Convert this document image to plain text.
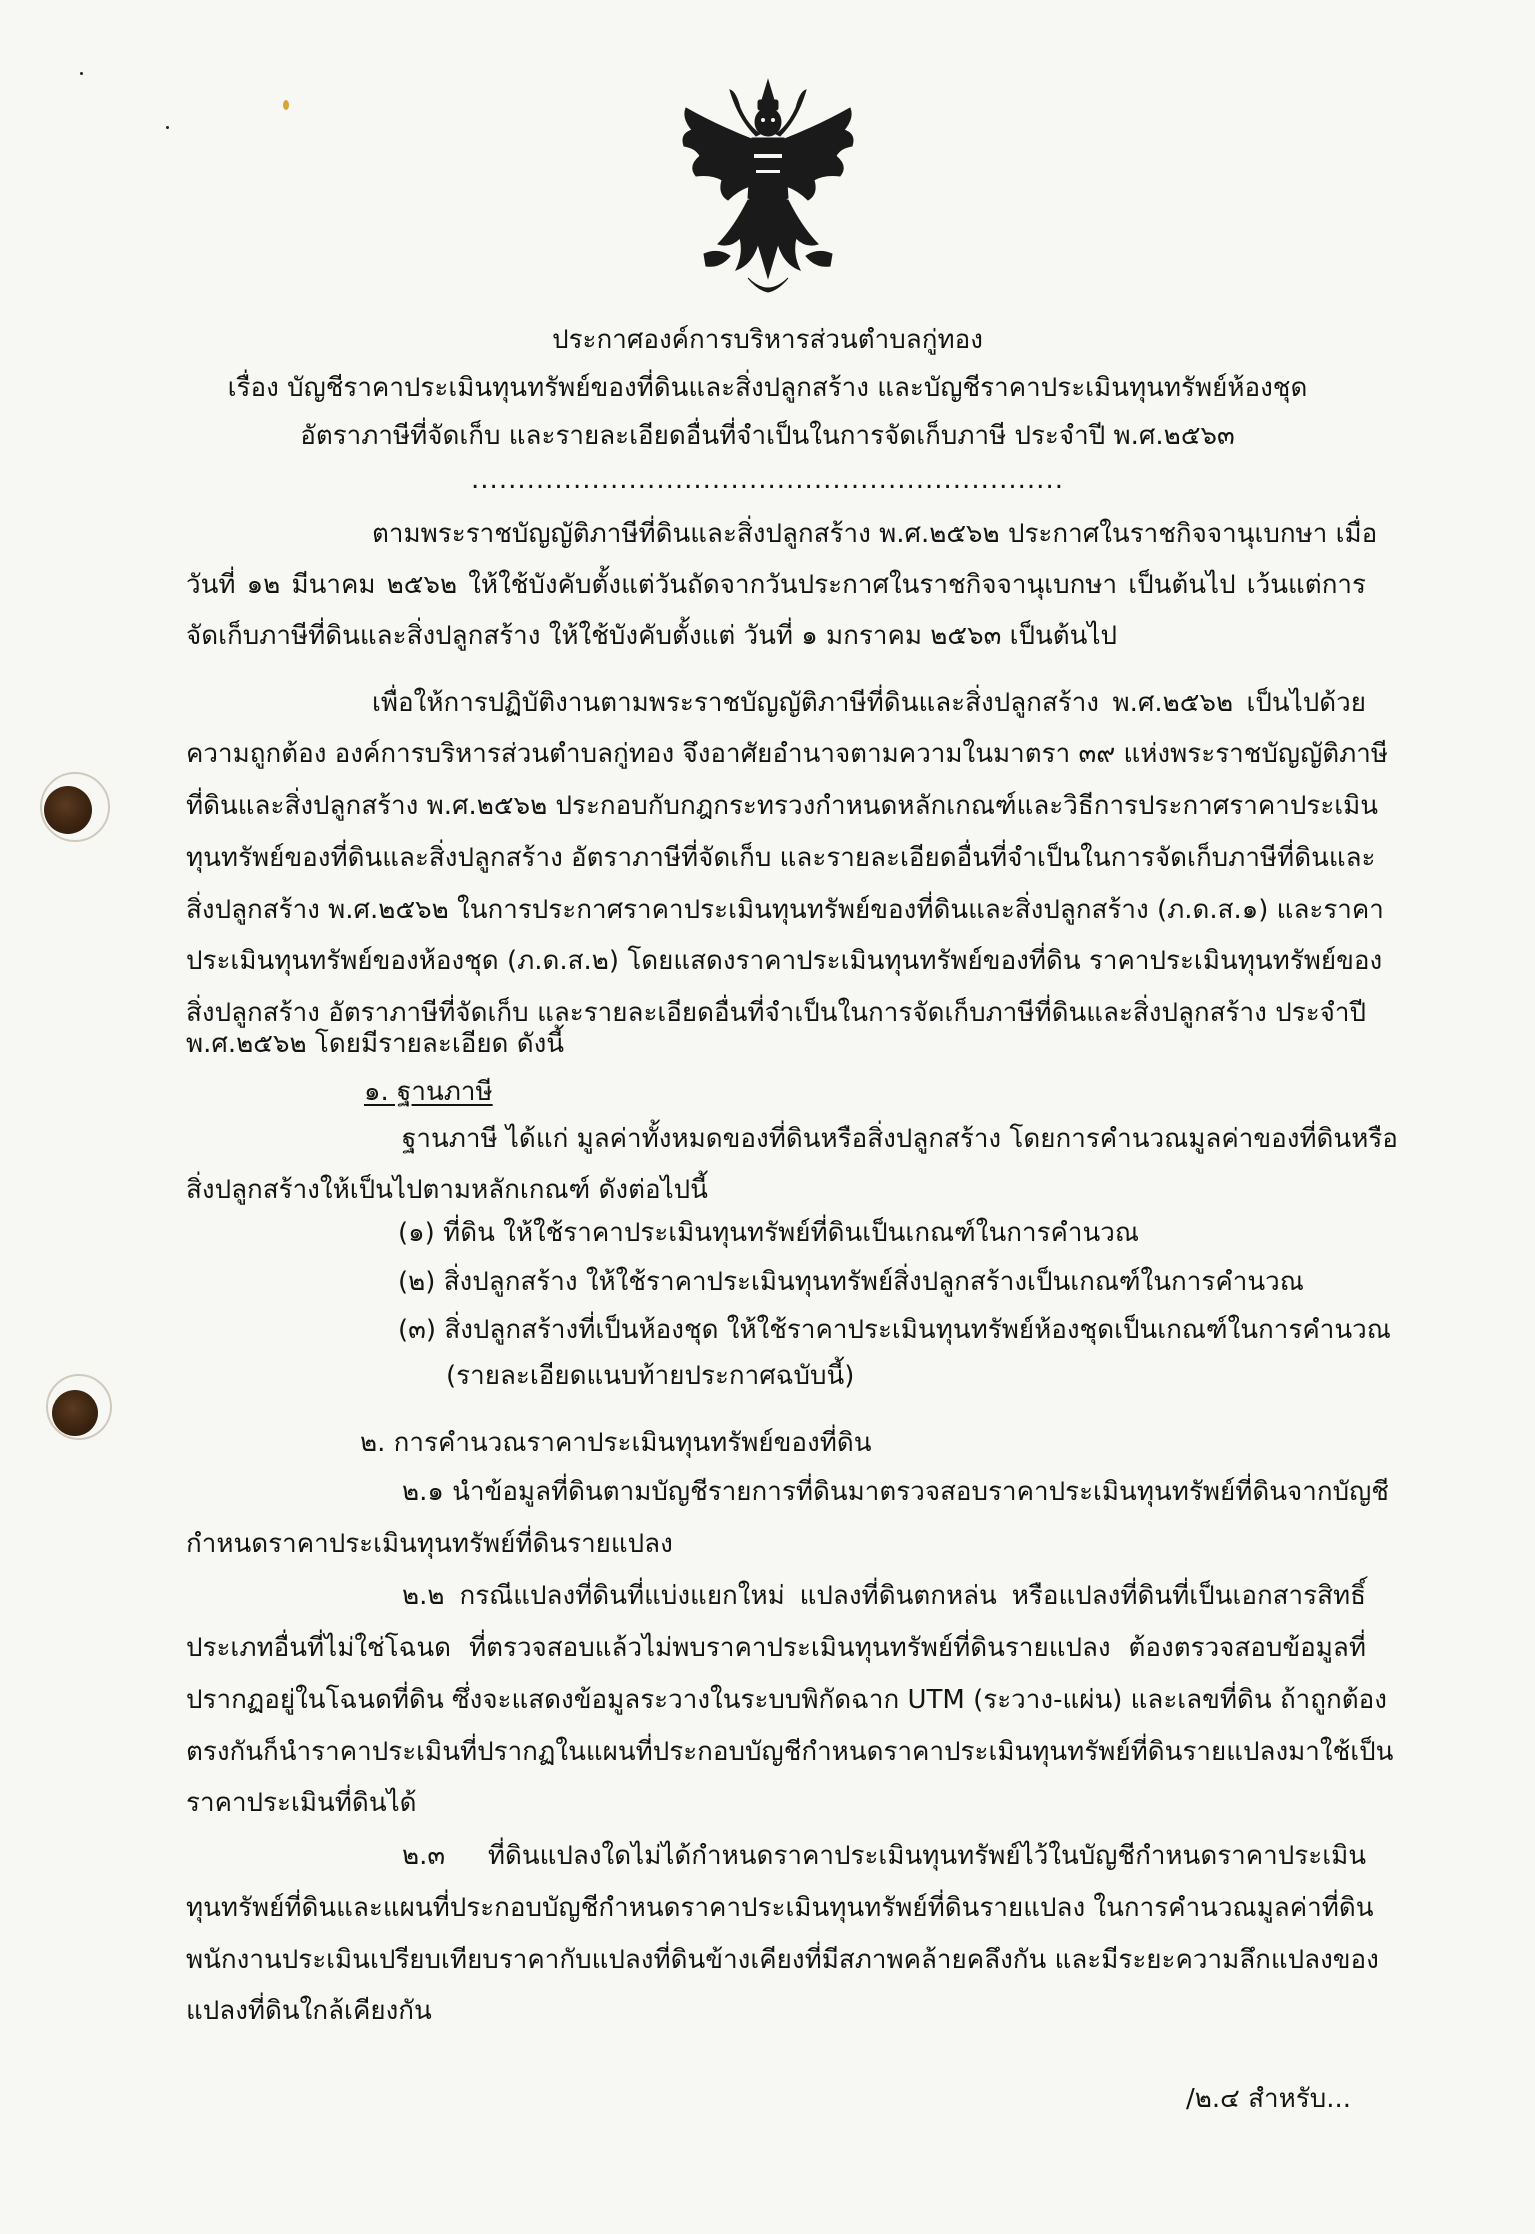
ประกาศองค์การบริหารส่วนตำบลกู่ทอง

เรื่อง บัญชีราคาประเมินทุนทรัพย์ของที่ดินและสิ่งปลูกสร้าง และบัญชีราคาประเมินทุนทรัพย์ห้องชุด

อัตราภาษีที่จัดเก็บ และรายละเอียดอื่นที่จำเป็นในการจัดเก็บภาษี ประจำปี พ.ศ.๒๕๖๓

................................................................

ตามพระราชบัญญัติภาษีที่ดินและสิ่งปลูกสร้าง พ.ศ.๒๕๖๒ ประกาศในราชกิจจานุเบกษา เมื่อ

วันที่ ๑๒ มีนาคม ๒๕๖๒ ให้ใช้บังคับตั้งแต่วันถัดจากวันประกาศในราชกิจจานุเบกษา เป็นต้นไป เว้นแต่การ

จัดเก็บภาษีที่ดินและสิ่งปลูกสร้าง ให้ใช้บังคับตั้งแต่ วันที่ ๑ มกราคม ๒๕๖๓ เป็นต้นไป

เพื่อให้การปฏิบัติงานตามพระราชบัญญัติภาษีที่ดินและสิ่งปลูกสร้าง พ.ศ.๒๕๖๒ เป็นไปด้วย

ความถูกต้อง องค์การบริหารส่วนตำบลกู่ทอง จึงอาศัยอำนาจตามความในมาตรา ๓๙ แห่งพระราชบัญญัติภาษี

ที่ดินและสิ่งปลูกสร้าง พ.ศ.๒๕๖๒ ประกอบกับกฎกระทรวงกำหนดหลักเกณฑ์และวิธีการประกาศราคาประเมิน

ทุนทรัพย์ของที่ดินและสิ่งปลูกสร้าง อัตราภาษีที่จัดเก็บ และรายละเอียดอื่นที่จำเป็นในการจัดเก็บภาษีที่ดินและ

สิ่งปลูกสร้าง พ.ศ.๒๕๖๒ ในการประกาศราคาประเมินทุนทรัพย์ของที่ดินและสิ่งปลูกสร้าง (ภ.ด.ส.๑) และราคา

ประเมินทุนทรัพย์ของห้องชุด (ภ.ด.ส.๒) โดยแสดงราคาประเมินทุนทรัพย์ของที่ดิน ราคาประเมินทุนทรัพย์ของ

สิ่งปลูกสร้าง อัตราภาษีที่จัดเก็บ และรายละเอียดอื่นที่จำเป็นในการจัดเก็บภาษีที่ดินและสิ่งปลูกสร้าง ประจำปี

พ.ศ.๒๕๖๒ โดยมีรายละเอียด ดังนี้

๑. ฐานภาษี

ฐานภาษี ได้แก่ มูลค่าทั้งหมดของที่ดินหรือสิ่งปลูกสร้าง โดยการคำนวณมูลค่าของที่ดินหรือ

สิ่งปลูกสร้างให้เป็นไปตามหลักเกณฑ์ ดังต่อไปนี้

(๑) ที่ดิน ให้ใช้ราคาประเมินทุนทรัพย์ที่ดินเป็นเกณฑ์ในการคำนวณ

(๒) สิ่งปลูกสร้าง ให้ใช้ราคาประเมินทุนทรัพย์สิ่งปลูกสร้างเป็นเกณฑ์ในการคำนวณ

(๓) สิ่งปลูกสร้างที่เป็นห้องชุด ให้ใช้ราคาประเมินทุนทรัพย์ห้องชุดเป็นเกณฑ์ในการคำนวณ

(รายละเอียดแนบท้ายประกาศฉบับนี้)

๒. การคำนวณราคาประเมินทุนทรัพย์ของที่ดิน

๒.๑ นำข้อมูลที่ดินตามบัญชีรายการที่ดินมาตรวจสอบราคาประเมินทุนทรัพย์ที่ดินจากบัญชี

กำหนดราคาประเมินทุนทรัพย์ที่ดินรายแปลง

๒.๒ กรณีแปลงที่ดินที่แบ่งแยกใหม่ แปลงที่ดินตกหล่น หรือแปลงที่ดินที่เป็นเอกสารสิทธิ์

ประเภทอื่นที่ไม่ใช่โฉนด ที่ตรวจสอบแล้วไม่พบราคาประเมินทุนทรัพย์ที่ดินรายแปลง ต้องตรวจสอบข้อมูลที่

ปรากฏอยู่ในโฉนดที่ดิน ซึ่งจะแสดงข้อมูลระวางในระบบพิกัดฉาก UTM (ระวาง-แผ่น) และเลขที่ดิน ถ้าถูกต้อง

ตรงกันก็นำราคาประเมินที่ปรากฏในแผนที่ประกอบบัญชีกำหนดราคาประเมินทุนทรัพย์ที่ดินรายแปลงมาใช้เป็น

ราคาประเมินที่ดินได้

๒.๓ ที่ดินแปลงใดไม่ได้กำหนดราคาประเมินทุนทรัพย์ไว้ในบัญชีกำหนดราคาประเมิน

ทุนทรัพย์ที่ดินและแผนที่ประกอบบัญชีกำหนดราคาประเมินทุนทรัพย์ที่ดินรายแปลง ในการคำนวณมูลค่าที่ดิน

พนักงานประเมินเปรียบเทียบราคากับแปลงที่ดินข้างเคียงที่มีสภาพคล้ายคลึงกัน และมีระยะความลึกแปลงของ

แปลงที่ดินใกล้เคียงกัน

/๒.๔ สำหรับ...
